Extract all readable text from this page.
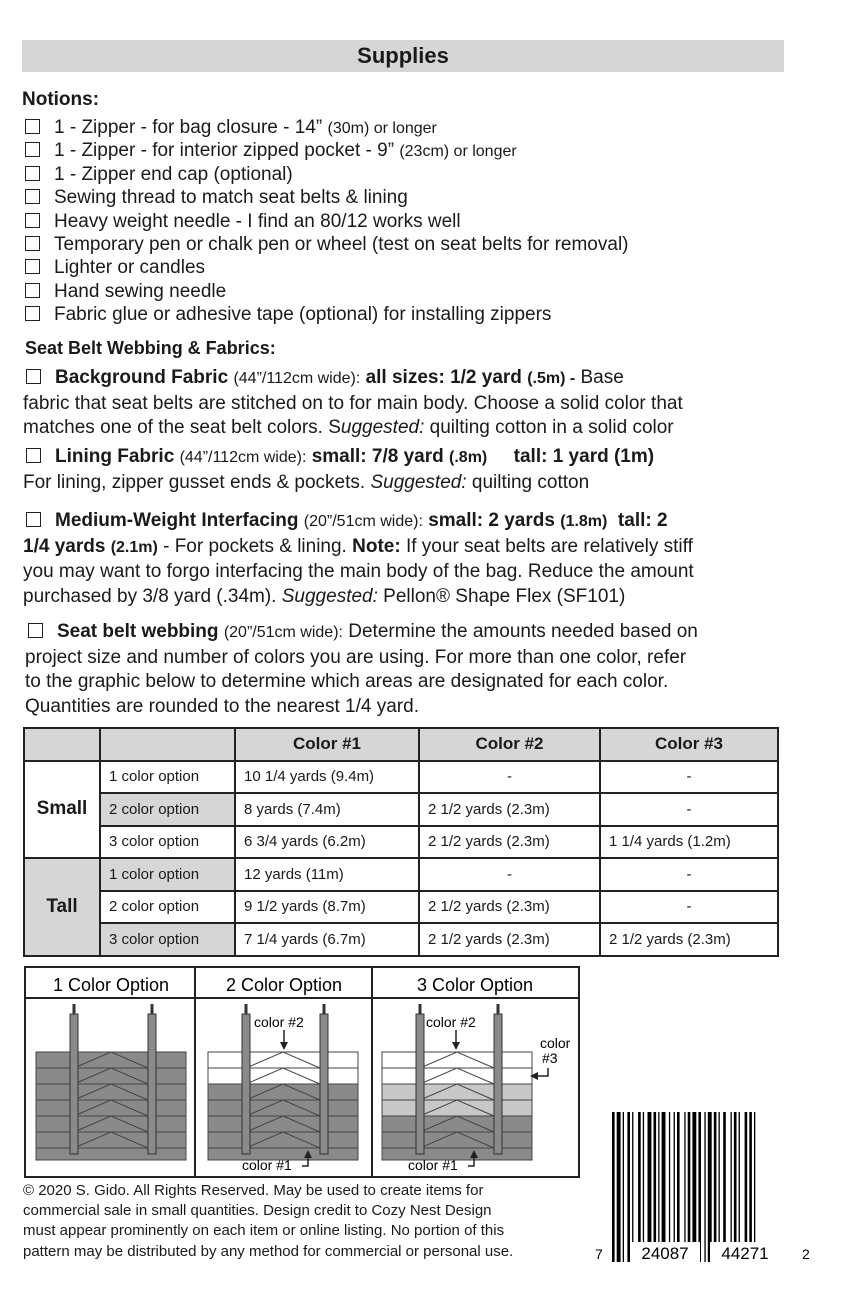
Supplies
Notions:
1 - Zipper - for bag closure - 14” (30m) or longer
1 - Zipper - for interior zipped pocket - 9” (23cm) or longer
1 - Zipper end cap (optional)
Sewing thread to match seat belts & lining
Heavy weight needle - I find an 80/12 works well
Temporary pen or chalk pen or wheel (test on seat belts for removal)
Lighter or candles
Hand sewing needle
Fabric glue or adhesive tape (optional) for installing zippers
Seat Belt Webbing & Fabrics:
Background Fabric (44”/112cm wide): all sizes: 1/2 yard (.5m) - Base
fabric that seat belts are stitched on to for main body. Choose a solid color that
matches one of the seat belt colors. Suggested: quilting cotton in a solid color
Lining Fabric (44”/112cm wide): small: 7/8 yard (.8m) tall: 1 yard (1m)
For lining, zipper gusset ends & pockets. Suggested: quilting cotton
Medium-Weight Interfacing (20”/51cm wide): small: 2 yards (1.8m) tall: 2
1/4 yards (2.1m) - For pockets & lining. Note: If your seat belts are relatively stiff
you may want to forgo interfacing the main body of the bag. Reduce the amount
purchased by 3/8 yard (.34m). Suggested: Pellon® Shape Flex (SF101)
Seat belt webbing (20”/51cm wide): Determine the amounts needed based on
project size and number of colors you are using. For more than one color, refer
to the graphic below to determine which areas are designated for each color.
Quantities are rounded to the nearest 1/4 yard.
		Color #1	Color #2	Color #3
Small	1 color option	10 1/4 yards (9.4m)	-	-
	2 color option	8 yards (7.4m)	2 1/2 yards (2.3m)	-
	3 color option	6 3/4 yards (6.2m)	2 1/2 yards (2.3m)	1 1/4 yards (1.2m)
Tall	1 color option	12 yards (11m)	-	-
	2 color option	9 1/2 yards (8.7m)	2 1/2 yards (2.3m)	-
	3 color option	7 1/4 yards (6.7m)	2 1/2 yards (2.3m)	2 1/2 yards (2.3m)
1 Color Option	2 Color Option	3 Color Option
color #2	color #2
color
#3
color #1	color #1
© 2020 S. Gido. All Rights Reserved. May be used to create items for
commercial sale in small quantities. Design credit to Cozy Nest Design
must appear prominently on each item or online listing. No portion of this
pattern may be distributed by any method for commercial or personal use.	7 24087 44271 2
